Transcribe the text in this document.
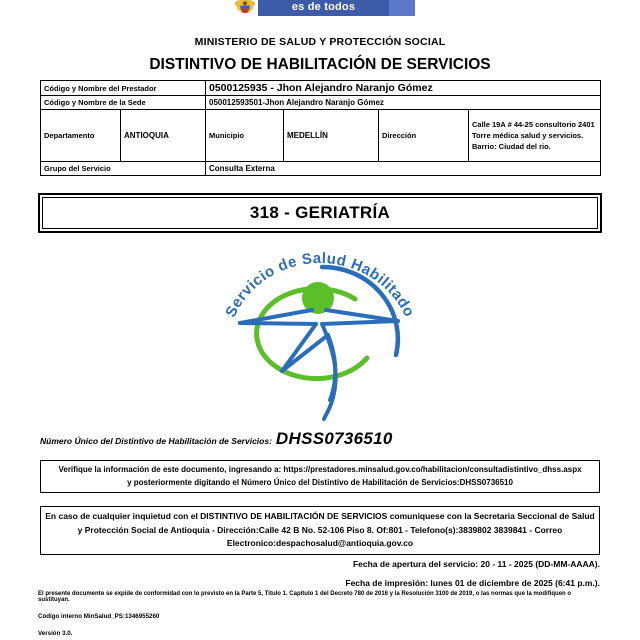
es de todos
MINISTERIO DE SALUD Y PROTECCIÓN SOCIAL
DISTINTIVO DE HABILITACIÓN DE SERVICIOS
Código y Nombre del Prestador		0500125935 - Jhon Alejandro Naranjo Gómez			
Código y Nombre de la Sede		050012593501-Jhon Alejandro Naranjo Gómez			
Departamento	ANTIOQUIA	Municipio	MEDELLÍN	Dirección	Calle 19A # 44-25 consultorio 2401 Torre médica salud y servicios. Barrio: Ciudad del rio.
Grupo del Servicio		Consulta Externa			
318 - GERIATRÍA
Servicio de Salud Habilitado
Número Único del Distintivo de Habilitación de Servicios: DHSS0736510
Verifique la información de este documento, ingresando a: https://prestadores.minsalud.gov.co/habilitacion/consultadistintivo_dhss.aspx
y posteriormente digitando el Número Único del Distintivo de Habilitación de Servicios:DHSS0736510
En caso de cualquier inquietud con el DISTINTIVO DE HABILITACIÓN DE SERVICIOS comuniquese con la Secretaria Seccional de Salud y Protección Social de Antioquia - Dirección:Calle 42 B No. 52-106 Piso 8. Of:801 - Telefono(s):3839802 3839841 - Correo Electronico:despachosalud@antioquia.gov.co
Fecha de apertura del servicio: 20 - 11 - 2025 (DD-MM-AAAA).
Fecha de impresión: lunes 01 de diciembre de 2025 (6:41 p.m.).
El presente documento se expide de conformidad con lo previsto en la Parte 5, Titulo 1. Capítulo 1 del Decreto 780 de 2016 y la Resolución 3100 de 2019, o las normas que la modifiquen o sustituyan.
Código interno MinSalud_PS:1346955260
Versión 3.0.
